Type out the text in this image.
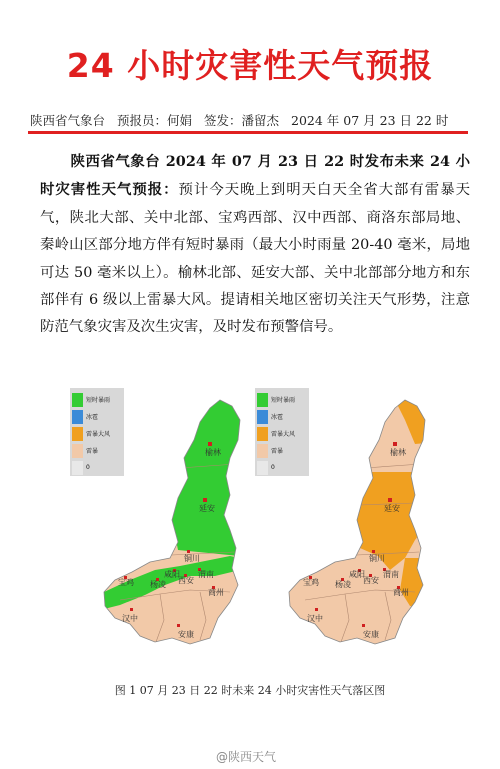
24 小时灾害性天气预报
陕西省气象台 预报员：何娟 签发：潘留杰 2024 年 07 月 23 日 22 时
陕西省气象台 2024 年 07 月 23 日 22 时发布未来 24 小时灾害性天气预报：预计今天晚上到明天白天全省大部有雷暴天气，陕北大部、关中北部、宝鸡西部、汉中西部、商洛东部局地、秦岭山区部分地方伴有短时暴雨（最大小时雨量 20-40 毫米，局地可达 50 毫米以上）。榆林北部、延安大部、关中北部部分地方和东部伴有 6 级以上雷暴大风。提请相关地区密切关注天气形势，注意防范气象灾害及次生灾害，及时发布预警信号。
短时暴雨
冰雹
雷暴大风
雷暴
0
短时暴雨
冰雹
雷暴大风
雷暴
0
榆林
延安
铜川
渭南
咸阳
西安
宝鸡 杨凌
商州
汉中
安康
榆林
延安
铜川
渭南
咸阳
西安
宝鸡 杨凌
商州
汉中
安康
图 1 07 月 23 日 22 时未来 24 小时灾害性天气落区图
@陕西天气
